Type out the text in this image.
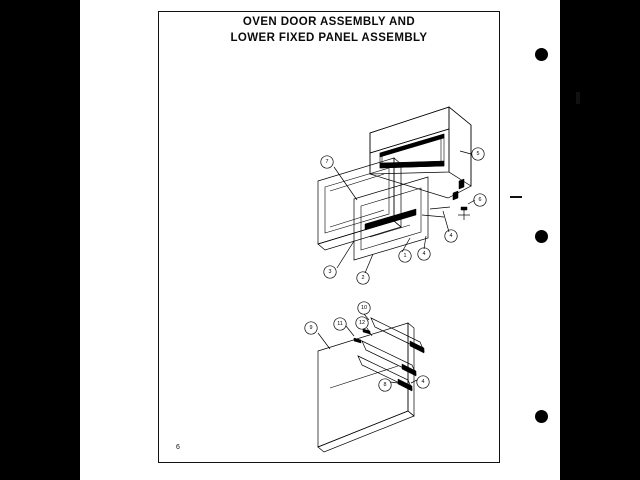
OVEN DOOR ASSEMBLY AND
LOWER FIXED PANEL ASSEMBLY
1
2
3
4
4
4
5
6
7
8
9
10
11	12
6
